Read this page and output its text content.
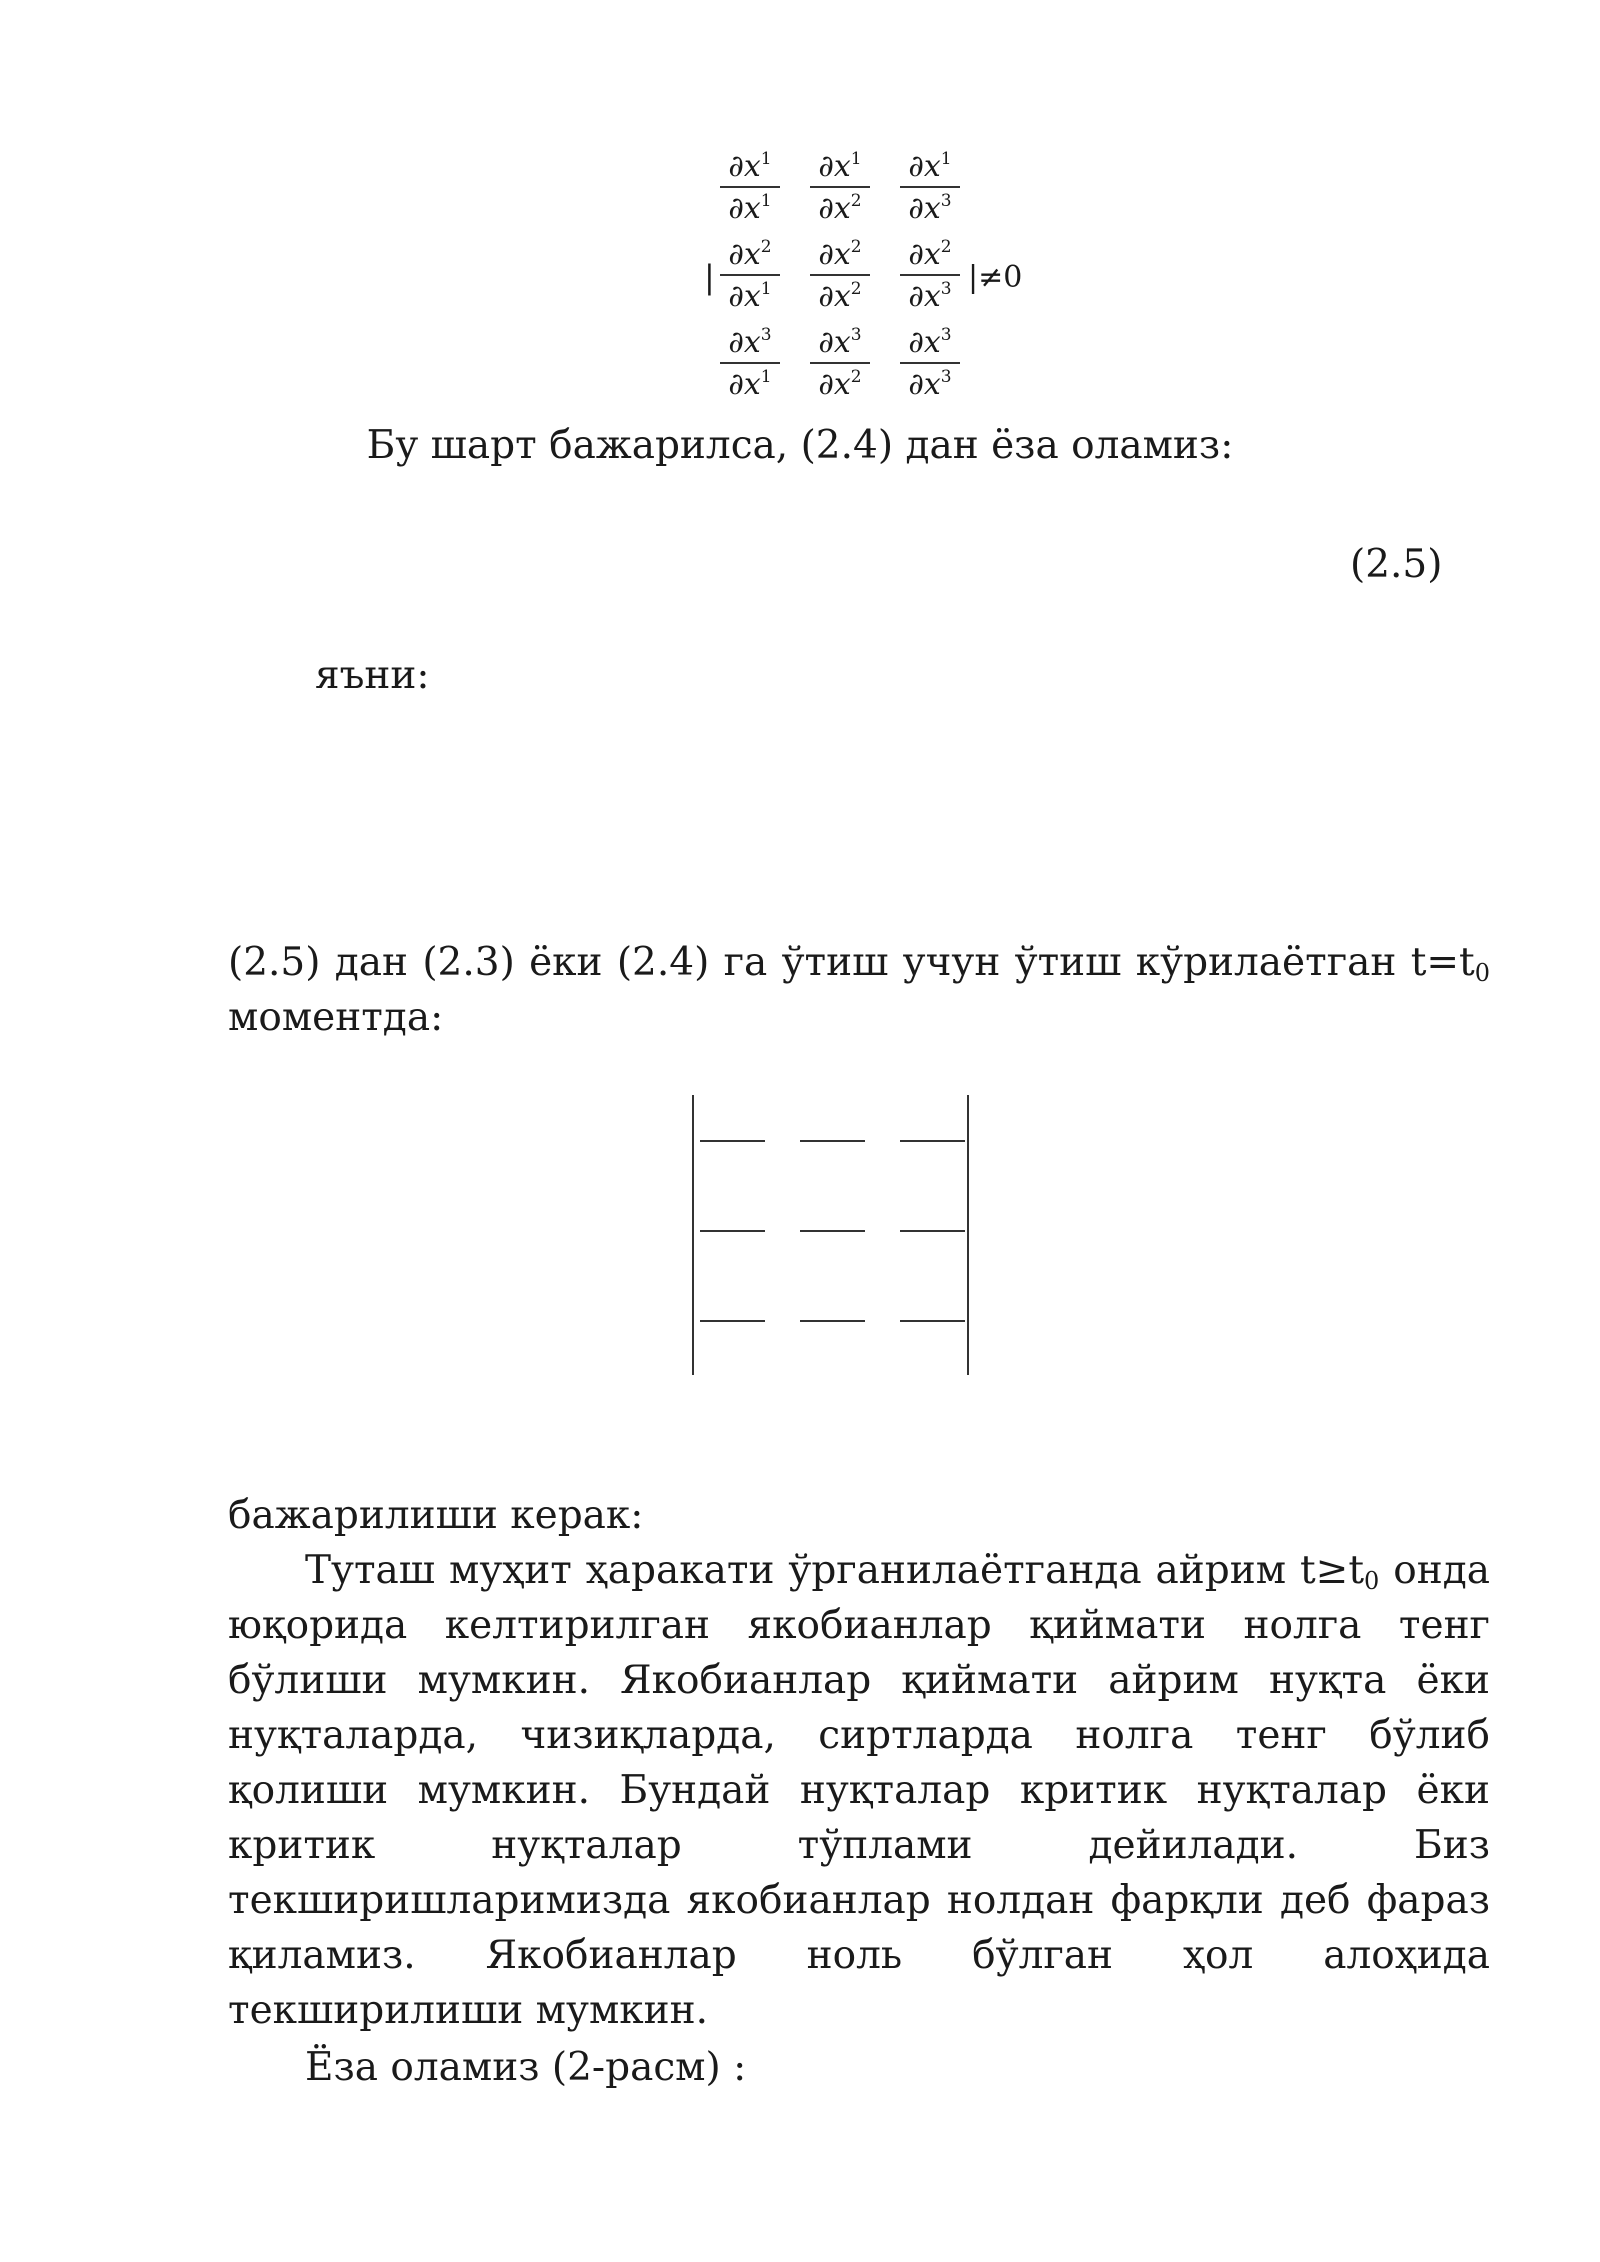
|	|≠0
$\frac{\partial x^1}{\partial x^1} \frac{\partial x^1}{\partial x^2} \frac{\partial x^1}{\partial x^3}$
$\frac{\partial x^2}{\partial x^1} \frac{\partial x^2}{\partial x^2} \frac{\partial x^2}{\partial x^3}$
$\frac{\partial x^3}{\partial x^1} \frac{\partial x^3}{\partial x^2} \frac{\partial x^3}{\partial x^3}$
Бу шарт бажарилса, (2.4) дан ёза оламиз:
(2.5)
яъни:
(2.5) дан (2.3) ёки (2.4) га ўтиш учун ўтиш кўрилаётган $t=t_0$
моментда:
бажарилиши керак:
Туташ муҳит ҳаракати ўрганилаётганда айрим $t\ge t_0$ онда
юқорида келтирилган якобианлар қиймати нолга тенг
бўлиши мумкин. Якобианлар қиймати айрим нуқта ёки
нуқталарда, чизиқларда, сиртларда нолга тенг бўлиб
қолиши мумкин. Бундай нуқталар критик нуқталар ёки
критик нуқталар тўплами дейилади. Биз
текширишларимизда якобианлар нолдан фарқли деб фараз
қиламиз. Якобианлар ноль бўлган ҳол алоҳида
текширилиши мумкин.
Ёза оламиз (2-расм) :
